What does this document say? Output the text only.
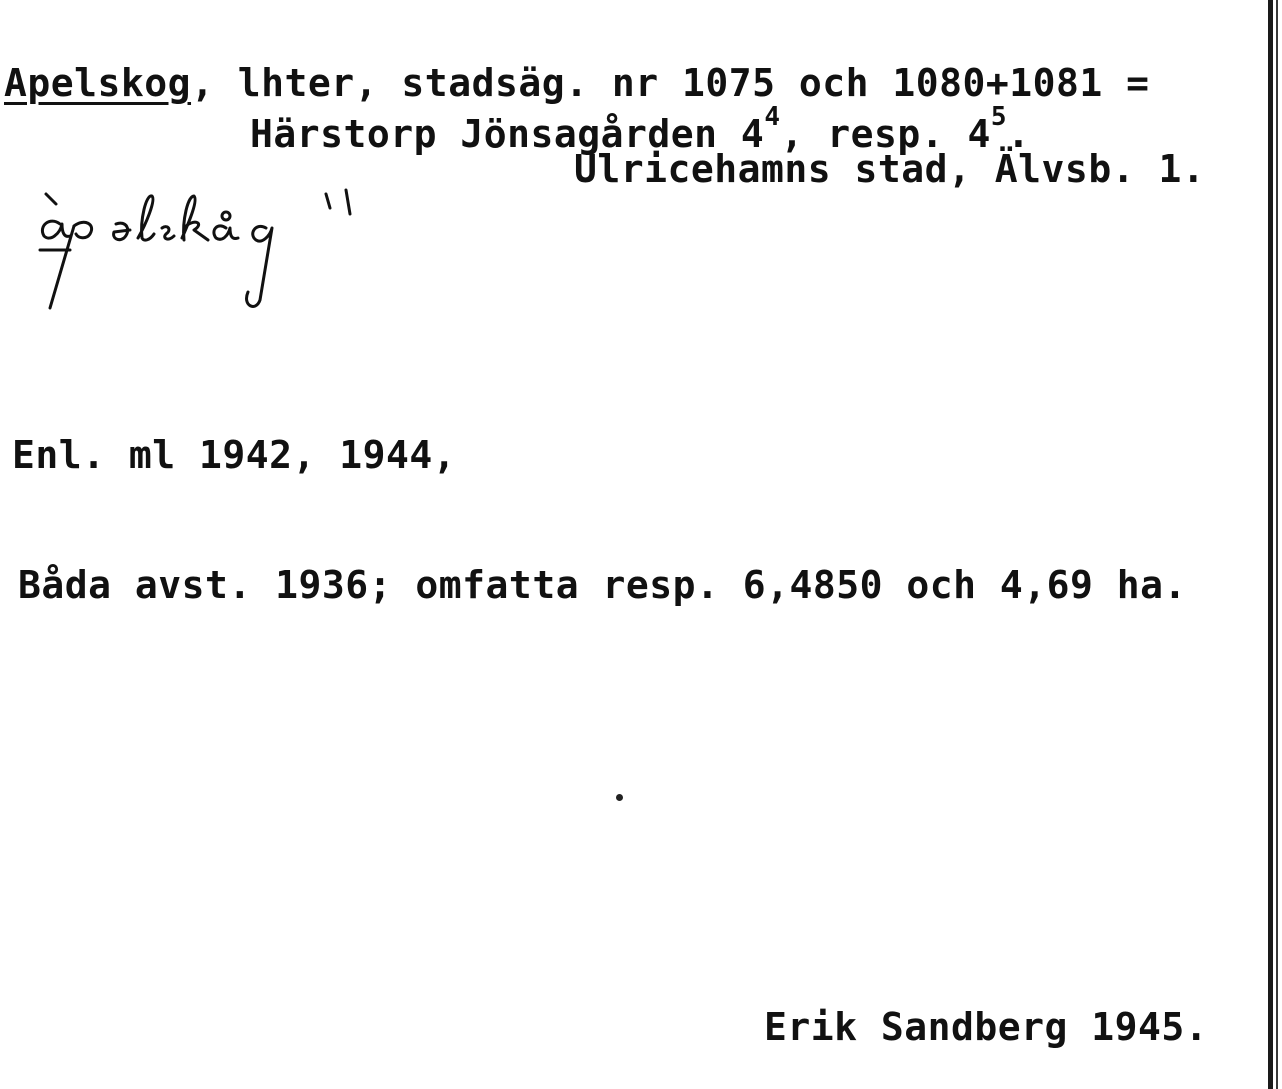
Apelskog, lhter, stadsäg. nr 1075 och 1080+1081 =
Härstorp Jönsagården $4^4$, resp. $4^5$.
Ulricehamns stad, Älvsb. 1.
Enl. ml 1942, 1944,
Båda avst. 1936; omfatta resp. 6,4850 och 4,69 ha.
Erik Sandberg 1945.
